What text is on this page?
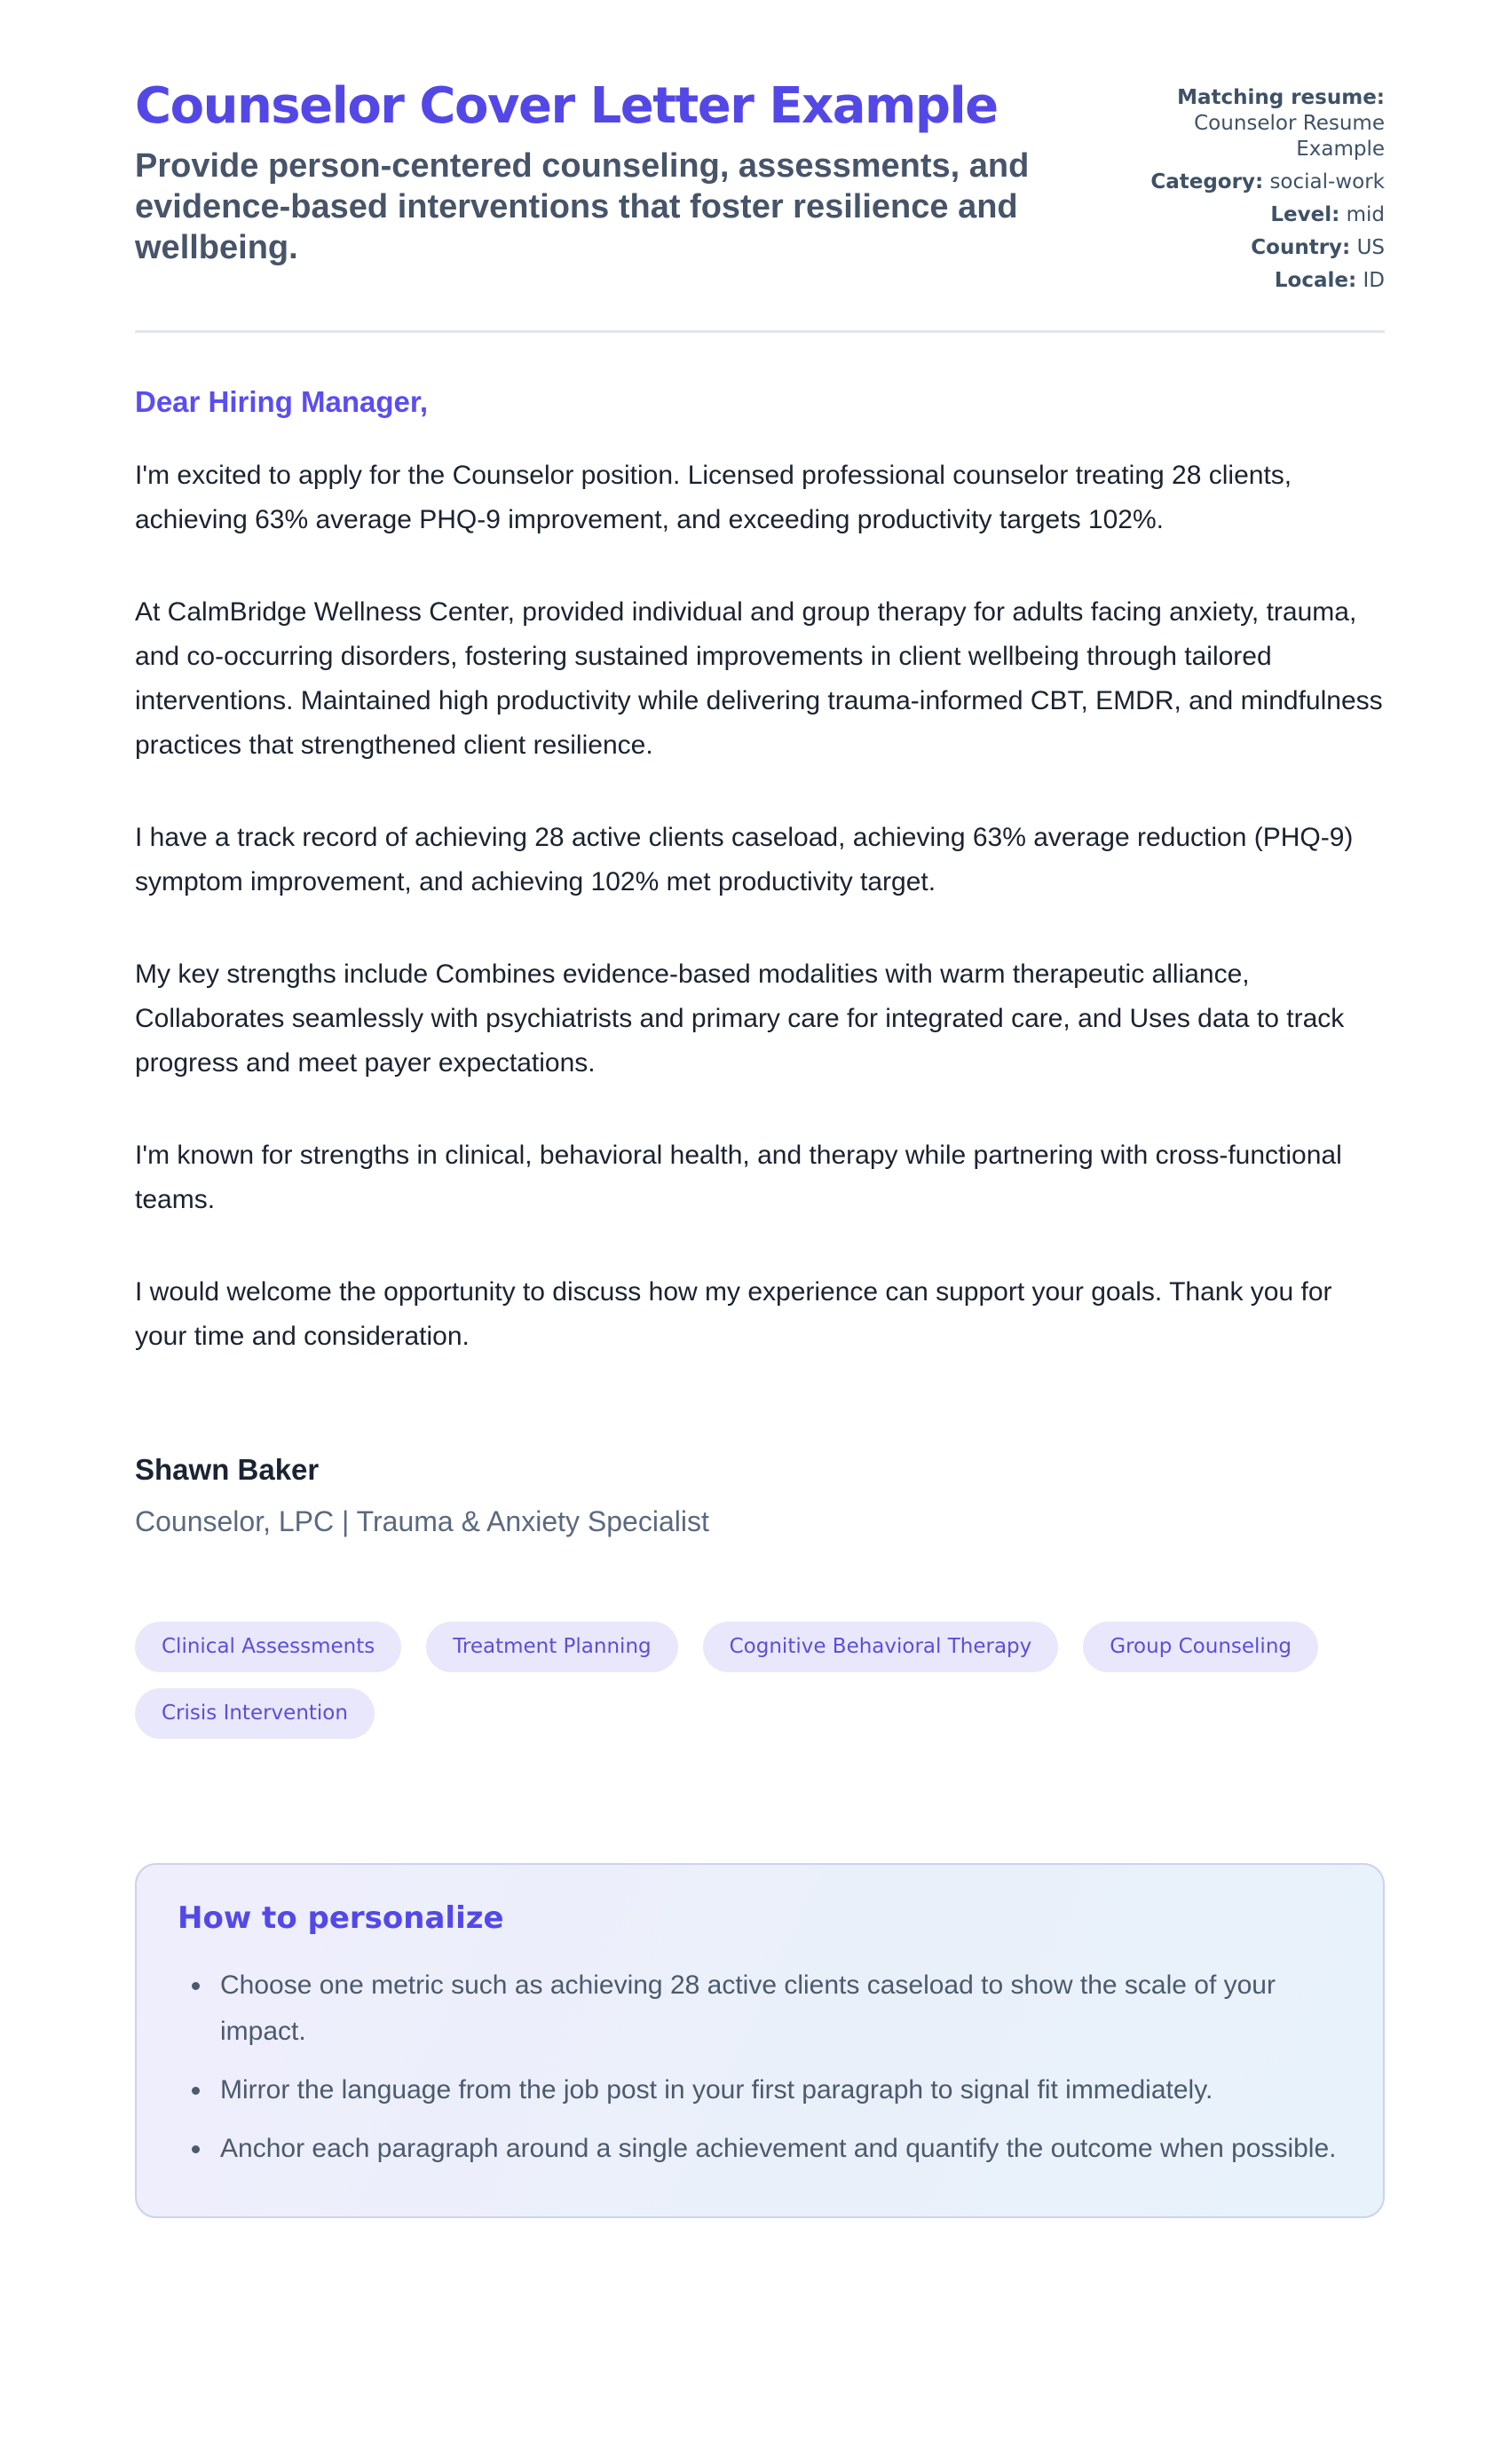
Counselor Cover Letter Example
Provide person-centered counseling, assessments, and evidence-based interventions that foster resilience and wellbeing.
Matching resume: Counselor Resume Example
Category: social-work
Level: mid
Country: US
Locale: ID
Dear Hiring Manager,

I'm excited to apply for the Counselor position. Licensed professional counselor treating 28 clients, achieving 63% average PHQ-9 improvement, and exceeding productivity targets 102%.

At CalmBridge Wellness Center, provided individual and group therapy for adults facing anxiety, trauma, and co-occurring disorders, fostering sustained improvements in client wellbeing through tailored interventions. Maintained high productivity while delivering trauma-informed CBT, EMDR, and mindfulness practices that strengthened client resilience.

I have a track record of achieving 28 active clients caseload, achieving 63% average reduction (PHQ-9) symptom improvement, and achieving 102% met productivity target.

My key strengths include Combines evidence-based modalities with warm therapeutic alliance, Collaborates seamlessly with psychiatrists and primary care for integrated care, and Uses data to track progress and meet payer expectations.

I'm known for strengths in clinical, behavioral health, and therapy while partnering with cross-functional teams.

I would welcome the opportunity to discuss how my experience can support your goals. Thank you for your time and consideration.

Shawn Baker
Counselor, LPC | Trauma & Anxiety Specialist
Clinical Assessments	Treatment Planning	Cognitive Behavioral Therapy	Group Counseling
Crisis Intervention
How to personalize
• Choose one metric such as achieving 28 active clients caseload to show the scale of your impact.
• Mirror the language from the job post in your first paragraph to signal fit immediately.
• Anchor each paragraph around a single achievement and quantify the outcome when possible.
